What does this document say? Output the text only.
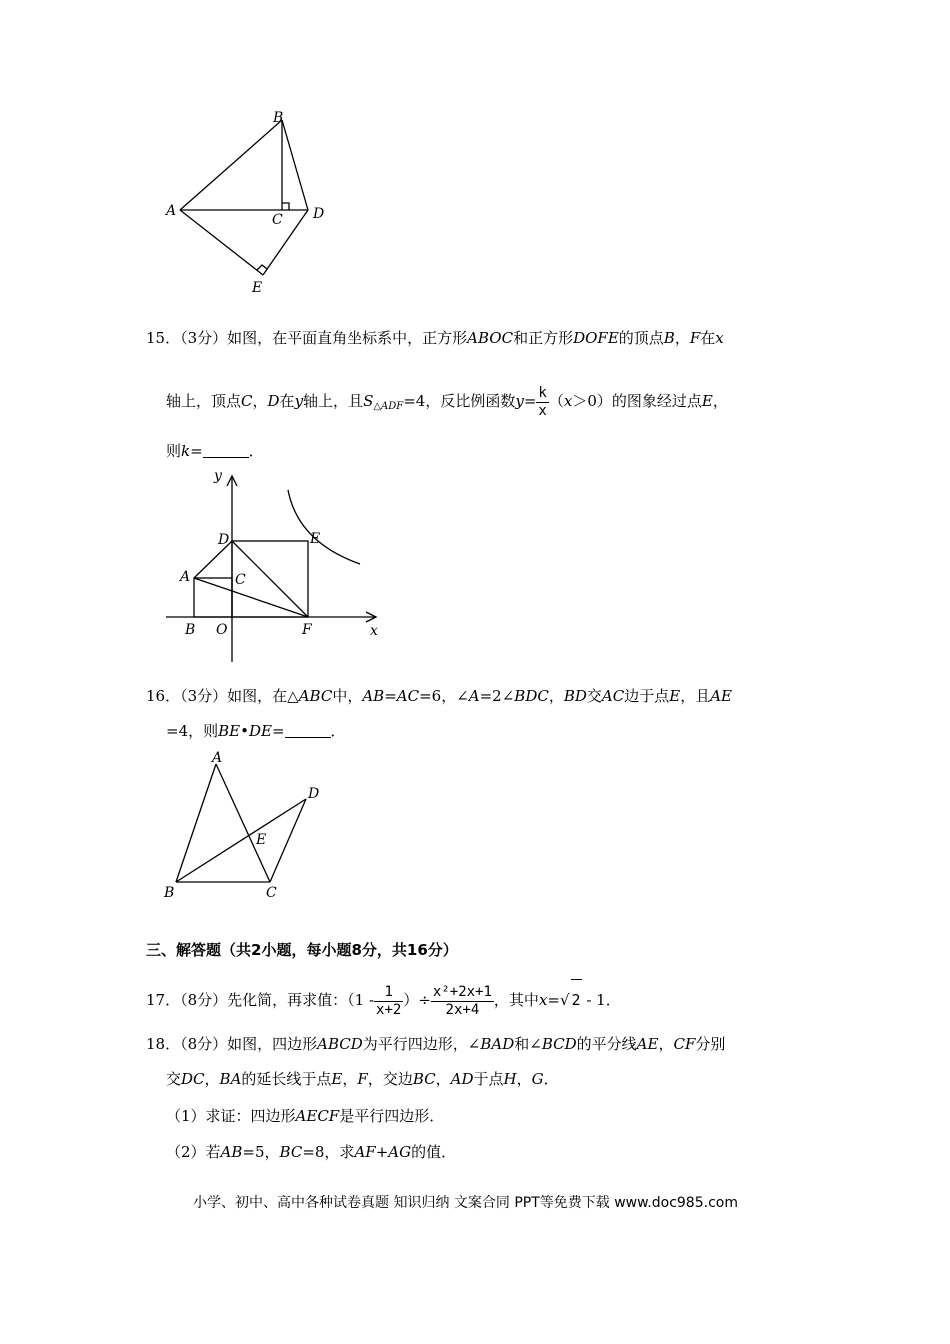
B
A
C D
E
15．（3分）如图，在平面直角坐标系中，正方形ABOC和正方形DOFE的顶点B，F在x
轴上，顶点C，D在y轴上，且$S_{\triangle ADF}=4$，反比例函数$y= \frac{k}{x} (x>0)$的图象经过点E，
则k=	．
y
D	E
A	C
B O	F	x
16．（3分）如图，在△ABC中，AB=AC=6，∠A=2∠BDC，BD交AC边于点E，且AE
=4，则BE•DE=	．
A
D
E
B	C
三、解答题（共2小题，每小题8分，共16分）
17．（8分）先化简，再求值：（$1 - \frac{1}{x+2}$ ）÷ $\frac{\text{x²+2x+1}}{2x+4}$ ，其中x=√ 2 - 1．
18．（8分）如图，四边形ABCD为平行四边形，∠BAD和∠BCD的平分线AE，CF分别
交DC，BA的延长线于点E，F，交边BC，AD于点H，G．
（1）求证：四边形AECF是平行四边形．
（2）若AB=5，BC=8，求AF+AG的值．
小学、初中、高中各种试卷真题 知识归纳 文案合同 PPT等免费下载 www.doc985.com
